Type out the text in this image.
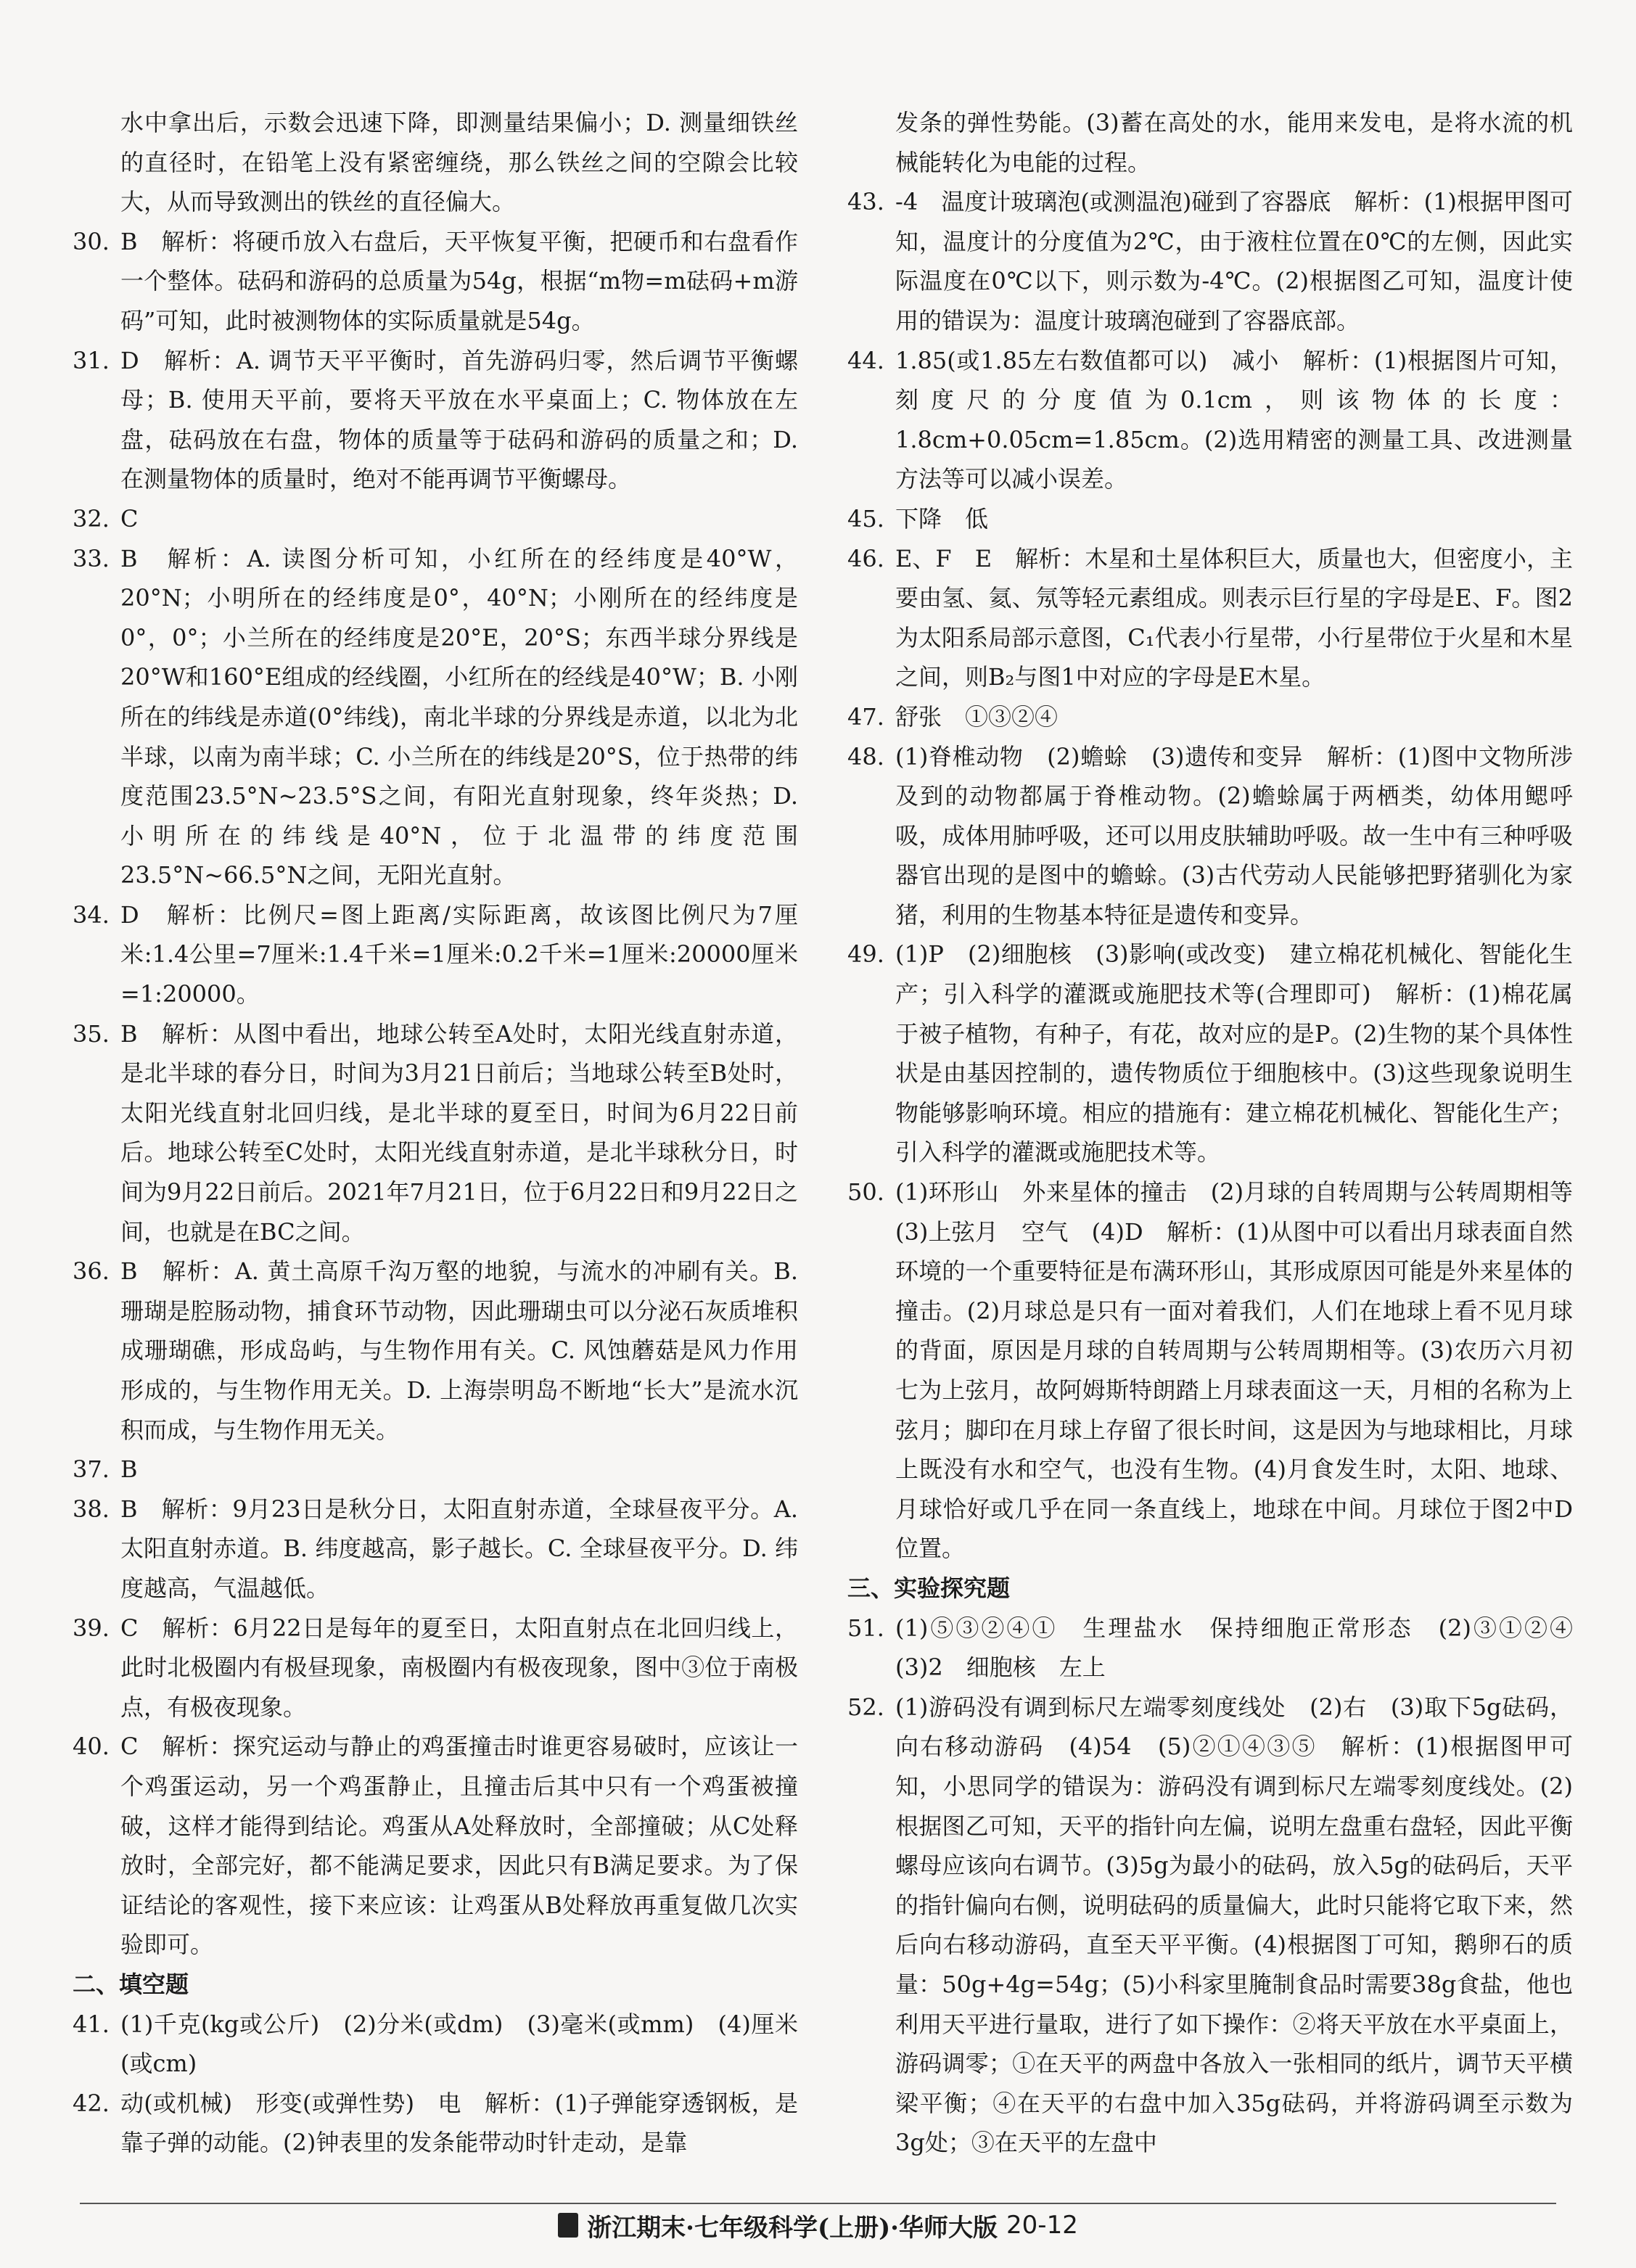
水中拿出后，示数会迅速下降，即测量结果偏小；D. 测量细铁丝的直径时，在铅笔上没有紧密缠绕，那么铁丝之间的空隙会比较大，从而导致测出的铁丝的直径偏大。

30. B　解析：将硬币放入右盘后，天平恢复平衡，把硬币和右盘看作一个整体。砝码和游码的总质量为54g，根据“m物=m砝码+m游码”可知，此时被测物体的实际质量就是54g。

31. D　解析：A. 调节天平平衡时，首先游码归零，然后调节平衡螺母；B. 使用天平前，要将天平放在水平桌面上；C. 物体放在左盘，砝码放在右盘，物体的质量等于砝码和游码的质量之和；D. 在测量物体的质量时，绝对不能再调节平衡螺母。

32. C

33. B　解析：A. 读图分析可知，小红所在的经纬度是40°W，20°N；小明所在的经纬度是0°，40°N；小刚所在的经纬度是0°，0°；小兰所在的经纬度是20°E，20°S；东西半球分界线是20°W和160°E组成的经线圈，小红所在的经线是40°W；B. 小刚所在的纬线是赤道(0°纬线)，南北半球的分界线是赤道，以北为北半球，以南为南半球；C. 小兰所在的纬线是20°S，位于热带的纬度范围23.5°N~23.5°S之间，有阳光直射现象，终年炎热；D. 小明所在的纬线是40°N，位于北温带的纬度范围23.5°N~66.5°N之间，无阳光直射。

34. D　解析：比例尺=图上距离/实际距离，故该图比例尺为7厘米:1.4公里=7厘米:1.4千米=1厘米:0.2千米=1厘米:20000厘米=1:20000。

35. B　解析：从图中看出，地球公转至A处时，太阳光线直射赤道，是北半球的春分日，时间为3月21日前后；当地球公转至B处时，太阳光线直射北回归线，是北半球的夏至日，时间为6月22日前后。地球公转至C处时，太阳光线直射赤道，是北半球秋分日，时间为9月22日前后。2021年7月21日，位于6月22日和9月22日之间，也就是在BC之间。

36. B　解析：A. 黄土高原千沟万壑的地貌，与流水的冲刷有关。B. 珊瑚是腔肠动物，捕食环节动物，因此珊瑚虫可以分泌石灰质堆积成珊瑚礁，形成岛屿，与生物作用有关。C. 风蚀蘑菇是风力作用形成的，与生物作用无关。D. 上海崇明岛不断地“长大”是流水沉积而成，与生物作用无关。

37. B

38. B　解析：9月23日是秋分日，太阳直射赤道，全球昼夜平分。A. 太阳直射赤道。B. 纬度越高，影子越长。C. 全球昼夜平分。D. 纬度越高，气温越低。

39. C　解析：6月22日是每年的夏至日，太阳直射点在北回归线上，此时北极圈内有极昼现象，南极圈内有极夜现象，图中③位于南极点，有极夜现象。

40. C　解析：探究运动与静止的鸡蛋撞击时谁更容易破时，应该让一个鸡蛋运动，另一个鸡蛋静止，且撞击后其中只有一个鸡蛋被撞破，这样才能得到结论。鸡蛋从A处释放时，全部撞破；从C处释放时，全部完好，都不能满足要求，因此只有B满足要求。为了保证结论的客观性，接下来应该：让鸡蛋从B处释放再重复做几次实验即可。

二、填空题

41. (1)千克(kg或公斤)　(2)分米(或dm)　(3)毫米(或mm)　(4)厘米(或cm)

42. 动(或机械)　形变(或弹性势)　电　解析：(1)子弹能穿透钢板，是靠子弹的动能。(2)钟表里的发条能带动时针走动，是靠

发条的弹性势能。(3)蓄在高处的水，能用来发电，是将水流的机械能转化为电能的过程。

43. -4　温度计玻璃泡(或测温泡)碰到了容器底　解析：(1)根据甲图可知，温度计的分度值为2℃，由于液柱位置在0℃的左侧，因此实际温度在0℃以下，则示数为-4℃。(2)根据图乙可知，温度计使用的错误为：温度计玻璃泡碰到了容器底部。

44. 1.85(或1.85左右数值都可以)　减小　解析：(1)根据图片可知，刻度尺的分度值为0.1cm，则该物体的长度：1.8cm+0.05cm=1.85cm。(2)选用精密的测量工具、改进测量方法等可以减小误差。

45. 下降　低

46. E、F　E　解析：木星和土星体积巨大，质量也大，但密度小，主要由氢、氦、氖等轻元素组成。则表示巨行星的字母是E、F。图2为太阳系局部示意图，C₁代表小行星带，小行星带位于火星和木星之间，则B₂与图1中对应的字母是E木星。

47. 舒张　①③②④

48. (1)脊椎动物　(2)蟾蜍　(3)遗传和变异　解析：(1)图中文物所涉及到的动物都属于脊椎动物。(2)蟾蜍属于两栖类，幼体用鳃呼吸，成体用肺呼吸，还可以用皮肤辅助呼吸。故一生中有三种呼吸器官出现的是图中的蟾蜍。(3)古代劳动人民能够把野猪驯化为家猪，利用的生物基本特征是遗传和变异。

49. (1)P　(2)细胞核　(3)影响(或改变)　建立棉花机械化、智能化生产；引入科学的灌溉或施肥技术等(合理即可)　解析：(1)棉花属于被子植物，有种子，有花，故对应的是P。(2)生物的某个具体性状是由基因控制的，遗传物质位于细胞核中。(3)这些现象说明生物能够影响环境。相应的措施有：建立棉花机械化、智能化生产；引入科学的灌溉或施肥技术等。

50. (1)环形山　外来星体的撞击　(2)月球的自转周期与公转周期相等　(3)上弦月　空气　(4)D　解析：(1)从图中可以看出月球表面自然环境的一个重要特征是布满环形山，其形成原因可能是外来星体的撞击。(2)月球总是只有一面对着我们，人们在地球上看不见月球的背面，原因是月球的自转周期与公转周期相等。(3)农历六月初七为上弦月，故阿姆斯特朗踏上月球表面这一天，月相的名称为上弦月；脚印在月球上存留了很长时间，这是因为与地球相比，月球上既没有水和空气，也没有生物。(4)月食发生时，太阳、地球、月球恰好或几乎在同一条直线上，地球在中间。月球位于图2中D位置。

三、实验探究题

51. (1)⑤③②④①　生理盐水　保持细胞正常形态　(2)③①②④　(3)2　细胞核　左上

52. (1)游码没有调到标尺左端零刻度线处　(2)右　(3)取下5g砝码，向右移动游码　(4)54　(5)②①④③⑤　解析：(1)根据图甲可知，小思同学的错误为：游码没有调到标尺左端零刻度线处。(2)根据图乙可知，天平的指针向左偏，说明左盘重右盘轻，因此平衡螺母应该向右调节。(3)5g为最小的砝码，放入5g的砝码后，天平的指针偏向右侧，说明砝码的质量偏大，此时只能将它取下来，然后向右移动游码，直至天平平衡。(4)根据图丁可知，鹅卵石的质量：50g+4g=54g；(5)小科家里腌制食品时需要38g食盐，他也利用天平进行量取，进行了如下操作：②将天平放在水平桌面上，游码调零；①在天平的两盘中各放入一张相同的纸片，调节天平横梁平衡；④在天平的右盘中加入35g砝码，并将游码调至示数为3g处；③在天平的左盘中

浙江期末·七年级科学(上册)·华师大版 20-12
